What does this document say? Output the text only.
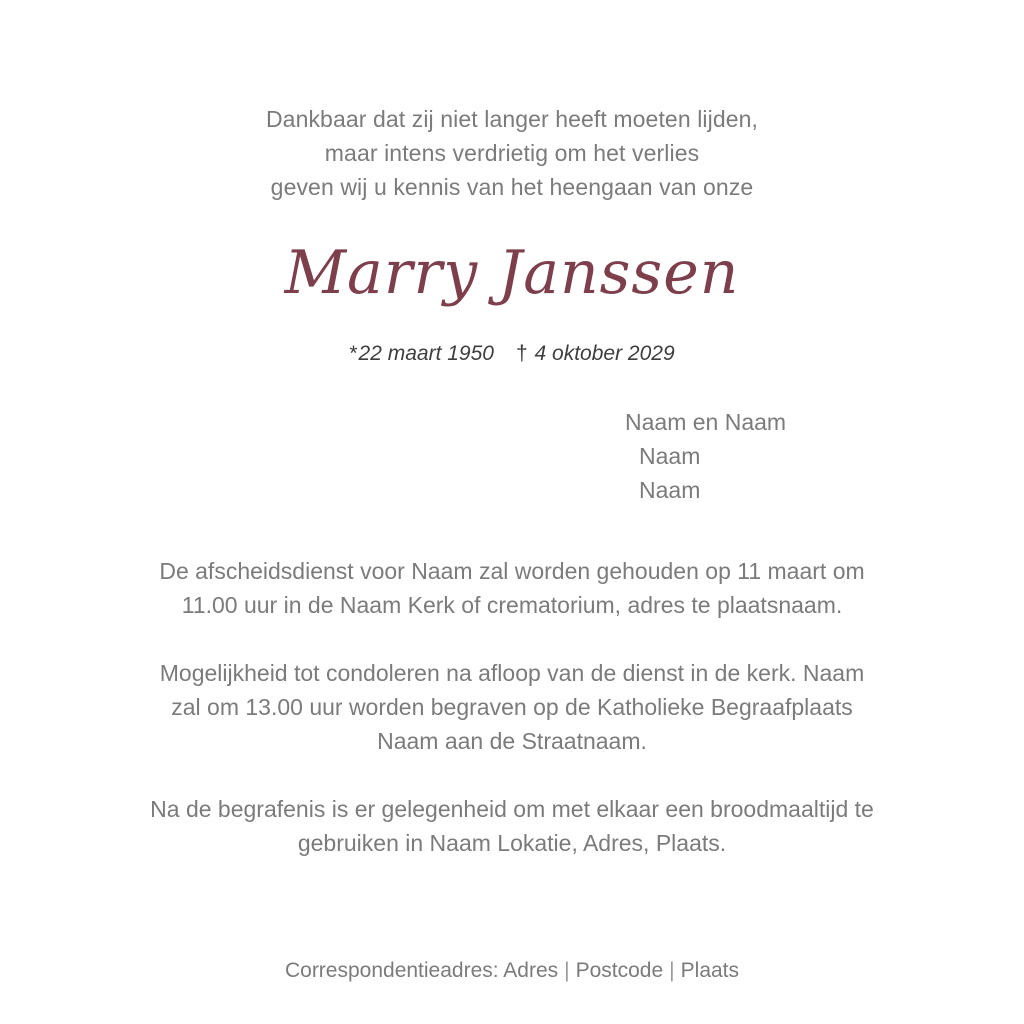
Dankbaar dat zij niet langer heeft moeten lijden,
maar intens verdrietig om het verlies
geven wij u kennis van het heengaan van onze
Marry Janssen
*22 maart 1950 † 4 oktober 2029
Naam en Naam
Naam
Naam
De afscheidsdienst voor Naam zal worden gehouden op 11 maart om
11.00 uur in de Naam Kerk of crematorium, adres te plaatsnaam.
Mogelijkheid tot condoleren na afloop van de dienst in de kerk. Naam
zal om 13.00 uur worden begraven op de Katholieke Begraafplaats
Naam aan de Straatnaam.
Na de begrafenis is er gelegenheid om met elkaar een broodmaaltijd te
gebruiken in Naam Lokatie, Adres, Plaats.
Correspondentieadres: Adres | Postcode | Plaats
